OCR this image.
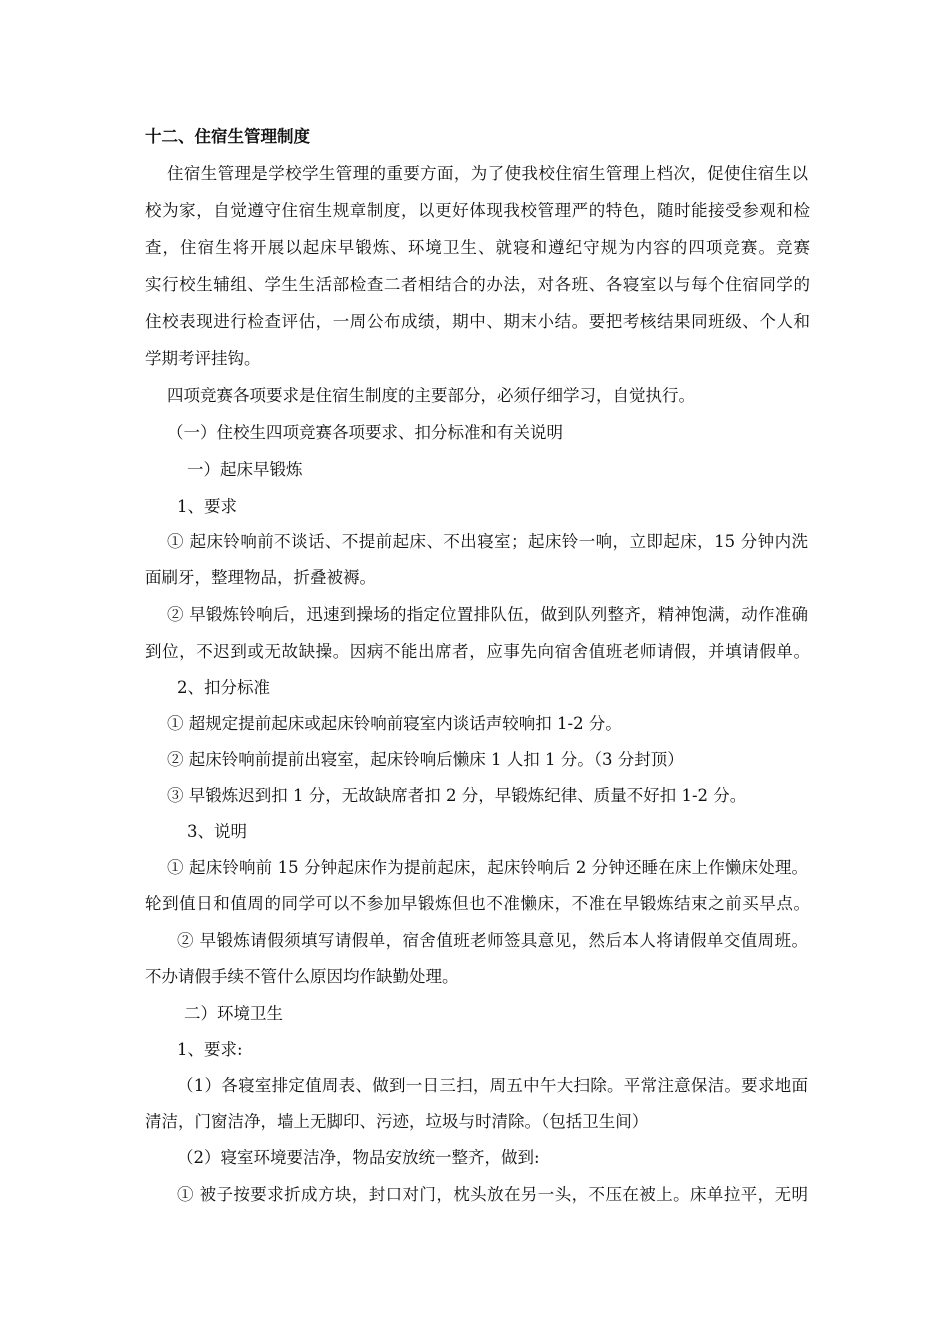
十二、住宿生管理制度
住宿生管理是学校学生管理的重要方面，为了使我校住宿生管理上档次，促使住宿生以
校为家，自觉遵守住宿生规章制度，以更好体现我校管理严的特色，随时能接受参观和检
查，住宿生将开展以起床早锻炼、环境卫生、就寝和遵纪守规为内容的四项竞赛。竞赛
实行校生辅组、学生生活部检查二者相结合的办法，对各班、各寝室以与每个住宿同学的
住校表现进行检查评估，一周公布成绩，期中、期末小结。要把考核结果同班级、个人和
学期考评挂钩。
四项竞赛各项要求是住宿生制度的主要部分，必须仔细学习，自觉执行。
（一）住校生四项竞赛各项要求、扣分标准和有关说明
一）起床早锻炼
1、要求
① 起床铃响前不谈话、不提前起床、不出寝室；起床铃一响，立即起床，15 分钟内洗
面刷牙，整理物品，折叠被褥。
② 早锻炼铃响后，迅速到操场的指定位置排队伍，做到队列整齐，精神饱满，动作准确
到位，不迟到或无故缺操。因病不能出席者，应事先向宿舍值班老师请假，并填请假单。
2、扣分标准
① 超规定提前起床或起床铃响前寝室内谈话声较响扣 1-2 分。
② 起床铃响前提前出寝室，起床铃响后懒床 1 人扣 1 分。（3 分封顶）
③ 早锻炼迟到扣 1 分，无故缺席者扣 2 分，早锻炼纪律、质量不好扣 1-2 分。
3、说明
① 起床铃响前 15 分钟起床作为提前起床，起床铃响后 2 分钟还睡在床上作懒床处理。
轮到值日和值周的同学可以不参加早锻炼但也不准懒床，不准在早锻炼结束之前买早点。
② 早锻炼请假须填写请假单，宿舍值班老师签具意见，然后本人将请假单交值周班。
不办请假手续不管什么原因均作缺勤处理。
二）环境卫生
1、要求:
（1）各寝室排定值周表、做到一日三扫，周五中午大扫除。平常注意保洁。要求地面
清洁，门窗洁净，墙上无脚印、污迹，垃圾与时清除。（包括卫生间）
（2）寝室环境要洁净，物品安放统一整齐，做到:
① 被子按要求折成方块，封口对门，枕头放在另一头，不压在被上。床单拉平，无明
